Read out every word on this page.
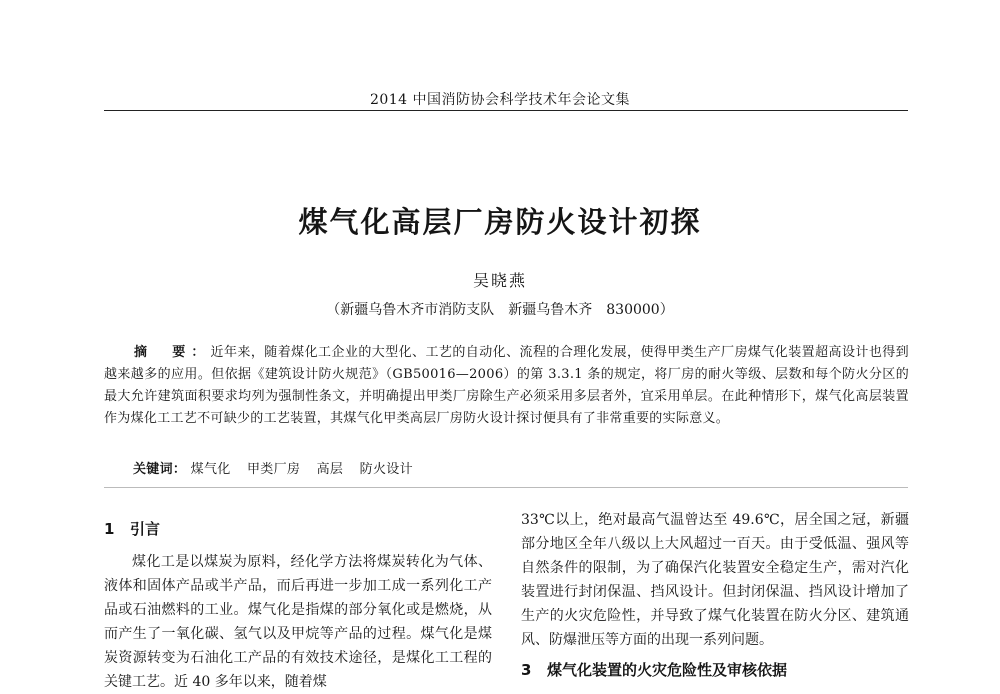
2014 中国消防协会科学技术年会论文集
煤气化高层厂房防火设计初探
吴晓燕
（新疆乌鲁木齐市消防支队　新疆乌鲁木齐　830000）
摘　要：近年来，随着煤化工企业的大型化、工艺的自动化、流程的合理化发展，使得甲类生产厂房煤气化装置超高设计也得到越来越多的应用。但依据《建筑设计防火规范》（GB50016—2006）的第 3.3.1 条的规定，将厂房的耐火等级、层数和每个防火分区的最大允许建筑面积要求均列为强制性条文，并明确提出甲类厂房除生产必须采用多层者外，宜采用单层。在此种情形下，煤气化高层装置作为煤化工工艺不可缺少的工艺装置，其煤气化甲类高层厂房防火设计探讨便具有了非常重要的实际意义。
关键词： 煤气化 甲类厂房 高层 防火设计
1 引言

煤化工是以煤炭为原料，经化学方法将煤炭转化为气体、液体和固体产品或半产品，而后再进一步加工成一系列化工产品或石油燃料的工业。煤气化是指煤的部分氧化或是燃烧，从而产生了一氧化碳、氢气以及甲烷等产品的过程。煤气化是煤炭资源转变为石油化工产品的有效技术途径，是煤化工工程的关键工艺。近 40 多年以来，随着煤

33℃以上，绝对最高气温曾达至 49.6℃，居全国之冠，新疆部分地区全年八级以上大风超过一百天。由于受低温、强风等自然条件的限制，为了确保汽化装置安全稳定生产，需对汽化装置进行封闭保温、挡风设计。但封闭保温、挡风设计增加了生产的火灾危险性，并导致了煤气化装置在防火分区、建筑通风、防爆泄压等方面的出现一系列问题。

3 煤气化装置的火灾危险性及审核依据
